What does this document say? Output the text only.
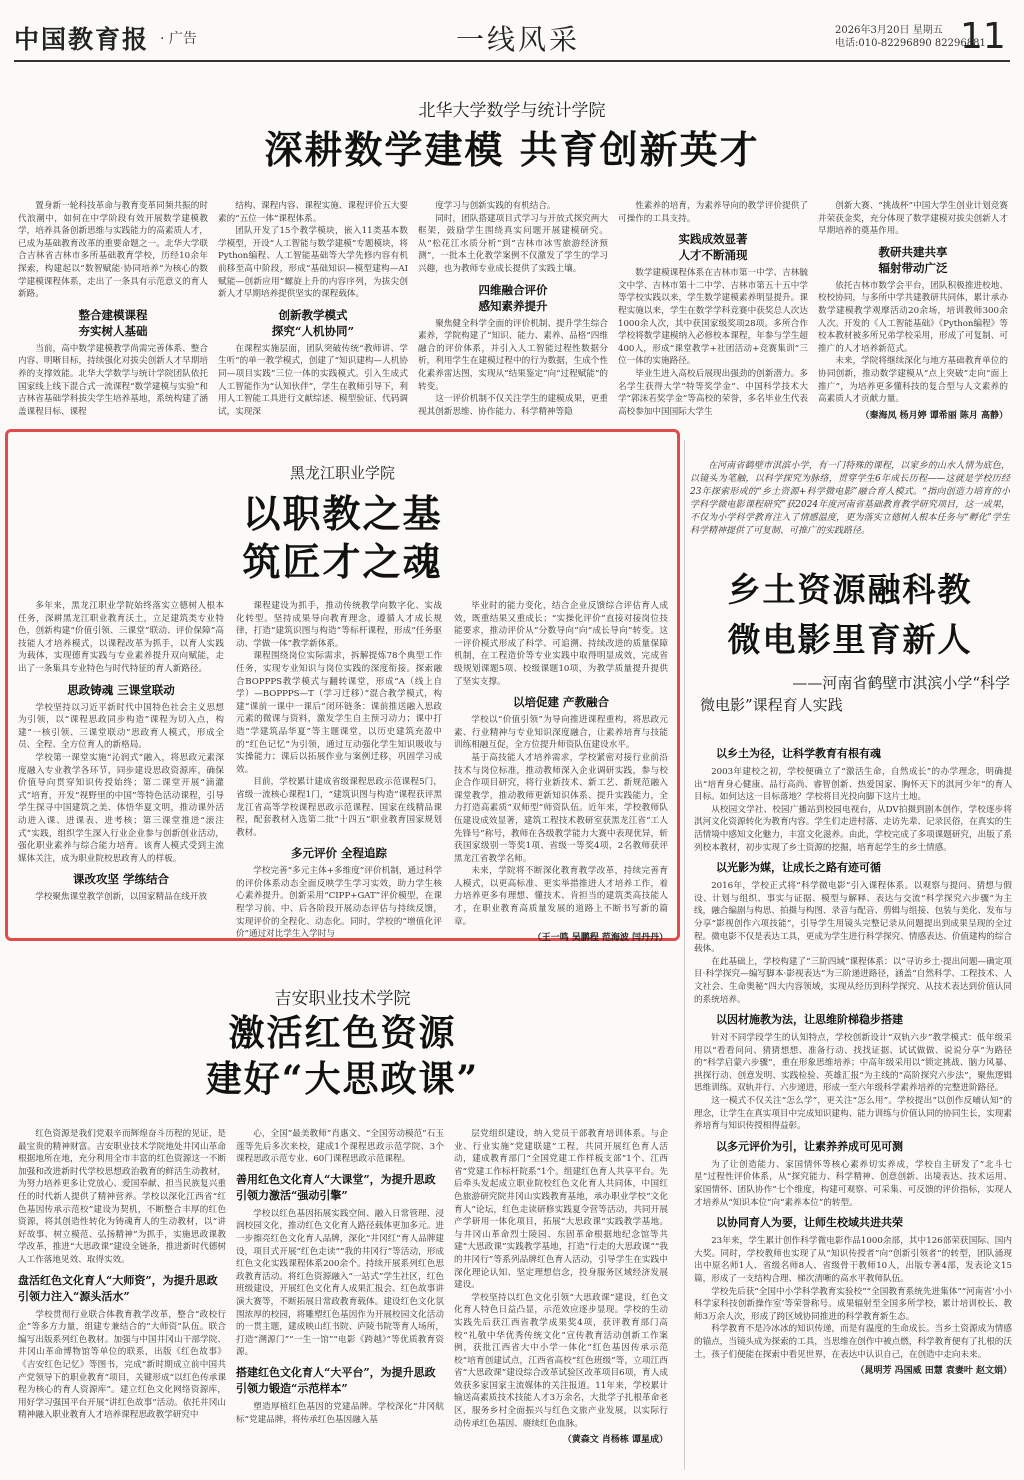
中国教育报 · 广告	一线风采	2026年3月20日 星期五
电话:010-82296890 82296881
11
北华大学数学与统计学院
深耕数学建模 共育创新英才

置身新一轮科技革命与教育变革同频共振的时代浪潮中，如何在中学阶段有效开展数学建模教学，培养具备创新思维与实践能力的高素质人才，已成为基础教育改革的重要命题之一。北华大学联合吉林省吉林市多所基础教育学校，历经10余年探索，构建起以“数智赋能·协同培养”为核心的数学建模课程体系，走出了一条具有示范意义的育人新路。

整合建模课程
夯实树人基础

当前，高中数学建模教学尚需完善体系、整合内容、明晰目标，持续强化对拔尖创新人才早期培养的支撑效能。北华大学数学与统计学院团队依托国家线上线下混合式一流课程“数学建模与实验”和吉林省基础学科拔尖学生培养基地，系统构建了涵盖课程目标、课程

结构、课程内容、课程实施、课程评价五大要素的“五位一体”课程体系。

团队开发了15个教学模块，嵌入11类基本数学模型，开设“人工智能与数学建模”专题模块，将Python编程、人工智能基础等大学先修内容有机前移至高中阶段，形成“基础知识—模型建构—AI赋能—创新应用”螺旋上升的内容序列，为拔尖创新人才早期培养提供坚实的课程载体。

创新教学模式
探究“人机协同”

在课程实施层面，团队突破传统“教师讲、学生听”的单一教学模式，创建了“知识建构—人机协同—项目实践”三位一体的实践模式。引入生成式人工智能作为“认知伙伴”，学生在教师引导下，利用人工智能工具进行文献综述、模型验证、代码调试，实现深

度学习与创新实践的有机结合。

同时，团队搭建项目式学习与开放式探究两大框架，鼓励学生围绕真实问题开展建模研究。从“松花江水质分析”到“吉林市冰雪旅游经济预测”，一批本土化教学案例不仅激发了学生的学习兴趣，也为教师专业成长提供了实践土壤。

四维融合评价
感知素养提升

聚焦健全科学全面的评价机制、提升学生综合素养，学院构建了“知识、能力、素养、品格”四维融合的评价体系，并引入人工智能过程性数据分析，利用学生在建模过程中的行为数据，生成个性化素养雷达图，实现从“结果鉴定”向“过程赋能”的转变。

这一评价机制不仅关注学生的建模成果，更重视其创新思维、协作能力、科学精神等隐

性素养的培育，为素养导向的教学评价提供了可操作的工具支持。

实践成效显著
人才不断涌现

数学建模课程体系在吉林市第一中学、吉林毓文中学、吉林市第十二中学、吉林市第五十五中学等学校实践以来，学生数学建模素养明显提升。课程实施以来，学生在数学学科竞赛中获奖总人次达1000余人次，其中获国家级奖项28项。多所合作学校将数学建模纳入必修校本课程，年参与学生超400人，形成“课堂教学+社团活动+竞赛集训”三位一体的实施路径。

毕业生进入高校后展现出强劲的创新潜力。多名学生获得大学“特等奖学金”、中国科学技术大学“郭沫若奖学金”等高校的荣誉，多名毕业生代表高校参加中国国际大学生

创新大赛、“挑战杯”中国大学生创业计划竞赛并荣获金奖，充分体现了数学建模对拔尖创新人才早期培养的奠基作用。

教研共建共享
辐射带动广泛

依托吉林市数学会平台，团队积极推进校地、校校协同，与多所中学共建教研共同体，累计承办数学建模教学观摩活动20余场，培训教师300余人次。开发的《人工智能基础》《Python编程》等校本教材被多所兄弟学校采用，形成了可复制、可推广的人才培养新范式。

未来，学院将继续深化与地方基础教育单位的协同创新，推动数学建模从“点上突破”走向“面上推广”，为培养更多懂科技的复合型与人文素养的高素质人才贡献力量。

（秦海凤 杨月婷 谭希丽 陈月 高静）
黑龙江职业学院
以职教之基
筑匠才之魂

多年来，黑龙江职业学院始终落实立德树人根本任务，深耕黑龙江职业教育沃土，立足建筑类专业特色，创新构建“价值引领、三课堂”联动、评价保障”高技能人才培养模式，以课程改革为抓手，以育人实践为载体，实现德育实践与专业素养提升双向赋能，走出了一条集具专业特色与时代特征的育人新路径。

思政铸魂 三课堂联动

学校坚持以习近平新时代中国特色社会主义思想为引领，以“课程思政同步构造”课程为切入点，构建“一核引领、三课堂联动”思政育人模式，形成全员、全程、全方位育人的新格局。

学校第一课堂实施“沁润式”融入，将思政元素深度融入专业教学各环节，同步建设思政资源库，确保价值导向贯穿知识传授始终；第二课堂开展“滴灌式”培育，开发“视野里的中国”等特色活动课程，引导学生探寻中国建筑之美、体悟华夏文明，推动课外活动进入课、进课表、进考核；第三课堂推进“滚注式”实践，组织学生深入行业企业参与创新创业活动，强化职业素养与综合能力培育。该育人模式受到主流媒体关注，成为职业院校思政育人的样板。

课改攻坚 学练结合

学校聚焦课堂教学创新，以国家精品在线开放

课程建设为抓手，推动传统教学向数字化、实战化转型。坚持成果导向教育理念，遵循人才成长规律，打造“建筑识图与构造”等标杆课程，形成“任务驱动、学做一体”教学新体系。

课程围绕岗位实际需求，拆解提炼78个典型工作任务，实现专业知识与岗位实践的深度衔接。探索融合BOPPPS教学模式与翻转课堂，形成“A（线上自学）—BOPPPS—T（学习迁移）”混合教学模式，构建“课前一课中一课后”闭环链条：课前推送融入思政元素的微课与资料，激发学生自主预习动力；课中打造“学建筑品华夏”等主题课堂，以历史建筑充盈中的“红色记忆”为引领，通过互动强化学生知识吸收与实操能力；课后以拓展作业与案例迁移，巩固学习成效。

目前，学校累计建成省级课程思政示范课程5门，省级一流核心课程1门，“建筑识图与构造”课程获评黑龙江省高等学校课程思政示范课程、国家在线精品课程，配套教材入选第二批“十四五”职业教育国家规划教材。

多元评价 全程追踪

学校完善“多元主体+多维度”评价机制，通过科学的评价体系动态全面反映学生学习实效，助力学生核心素养提升。创新采用“CIPP+GAT”评价模型，在课程学习前、中、后各阶段开展动态评估与持续反馈，实现评价的全程化、动态化。同时，学校的“增值化评价”通过对比学生入学时与

毕业时的能力变化，结合企业反馈综合评估育人成效，既重结果又重成长；“实操化评价”直接对接岗位技能要求，推动评价从“分数导向”向“成长导向”转变。这一评价模式形成了科学、可追溯、持续改进的质量保障机制，在工程造价等专业实践中取得明显成效，完成省级规划课题5项、校级课题10项，为教学质量提升提供了坚实支撑。

以培促建 产教融合

学校以“价值引领”为导向推进课程重构，将思政元素、行业精神与专业知识深度融合，让素养培育与技能训练相融互促，全方位提升师资队伍建设水平。

基于高技能人才培养需求，学校紧密对接行业前沿技术与岗位标准，推动教师深入企业调研实践，参与校企合作项目研究，将行业新技术、新工艺、新规范融入课堂教学，推动教师更新知识体系、提升实践能力，全力打造高素质“双师型”师资队伍。近年来，学校教师队伍建设成效显著，建筑工程技术教研室获黑龙江省“工人先锋号”称号，教师在各级教学能力大赛中表现优异，斩获国家级别一等奖1项、省级一等奖4项，2名教师获评黑龙江省教学名师。

未来，学院将不断深化教育教学改革，持续完善育人模式，以更高标准、更实举措推进人才培养工作，着力培养更多有理想、懂技术、肯担当的建筑类高技能人才，在职业教育高质量发展的道路上不断书写新的篇章。

（王一鸣 吴鹏程 范海波 闫丹丹）
在河南省鹤壁市淇滨小学，有一门特殊的课程，以家乡的山水人情为底色，以镜头为笔触，以科学探究为脉络，贯穿学生6年成长历程——这就是学校历经23年探索形成的“乡土资源+科学微电影”融合育人模式。“指向创造力培育的小学科学微电影课程研究”获2024年度河南省基础教育教学研究项目，这一成果，不仅为小学科学教育注入了情感温度，更为落实立德树人根本任务与“孵化”学生科学精神提供了可复制、可推广的实践路径。
乡土资源融科教
微电影里育新人
——河南省鹤壁市淇滨小学“科学
微电影”课程育人实践
以乡土为径，让科学教育有根有魂

2003年建校之初，学校便确立了“激活生命，自然成长”的办学理念，明确提出“培育身心健康、品行高尚、睿智创新、热爱国家、胸怀天下的淇河少年”的育人目标。如何达这一目标落地？学校将目光投向脚下这片土地。

从校园文学社、校园广播站到校园电视台，从DV拍摄到剧本创作，学校逐步将淇河文化资源转化为教育内容。学生们走进村落、走访先辈、记录民俗，在真实的生活情境中感知文化魅力，丰富文化滋养。由此，学校完成了多项课题研究，出版了系列校本教材，初步实现了乡土资源的挖掘，培育起学生的乡土情感。

以光影为媒，让成长之路有迹可循

2016年，学校正式将“科学微电影”引入课程体系。以观察与提问、猜想与假设、计划与组织、事实与证据、模型与解释、表达与交流“科学探究六步骤”为主线，融合编剧与构思、拍摄与构图、录音与配音、剪辑与组接、包装与美化、发布与分享“影视创作六项技能”，引导学生用镜头完整记录从问题提出到成果呈现的全过程。微电影不仅是表达工具，更成为学生进行科学探究、情感表达、价值建构的综合载体。

在此基础上，学校构建了“三阶四域”课程体系：以“寻访乡土·提出问题—确定项目·科学探究—编写脚本·影视表达”为三阶递进路径，涵盖“自然科学、工程技术、人文社会、生命奥秘”四大内容领域，实现从经历到科学探究、从技术表达到价值认同的系统培养。

以因材施教为法，让思维阶梯稳步搭建

针对不同学段学生的认知特点，学校创新设计“双轨六步”教学模式：低年级采用以“看看问问、猜猜想想、准备行动、找找证据、试试做做、说说分享”为路径的“科学启蒙六步骤”，重在形象思维培养；中高年级采用以“锁定挑战、脑力风暴、拱探行动、创意发明、实践检验、英雄汇报”为主线的“高阶探究六步法”，聚焦逻辑思维训练。双轨并行、六步递进，形成一至六年级科学素养培养的完整进阶路径。

这一模式不仅关注“怎么学”，更关注“怎么用”。学校提出“以创作反哺认知”的理念，让学生在真实项目中完成知识建构、能力训练与价值认同的协同生长，实现素养培育与知识传授相得益彰。

以多元评价为引，让素养养成可见可测

为了让创造能力、家国情怀等核心素养切实养成，学校自主研发了“北斗七星”过程性评价体系，从“探究能力、科学精神、创意创新、出境表达、技术运用、家国情怀、团队协作”七个维度，构建可观察、可采集、可反馈的评价指标，实现人才培养从“知识本位”向“素养本位”的转型。

以协同育人为要，让师生校域共进共荣

23年来，学生累计创作科学微电影作品1000余部，其中126部荣获国际、国内大奖。同时，学校教师也实现了从“知识传授者”向“创新引领者”的转型，团队涌现出中原名师1人、省级名师8人、省级骨干教师10人，出版专著4部，发表论文15篇，形成了一支结构合理、梯次清晰的高水平教师队伍。

学校先后获“全国中小学科学教育实验校”“全国教育系统先进集体”“河南省‘小小科学家科技创新操作室’等荣誉称号。成果辐射至全国多所学校，累计培训校长、教师3万余人次，形成了跨区域协同推进的科学教育新生态。

科学教育不是冷冰冰的知识传递，而是有温度的生命成长。当乡土资源成为情感的锚点，当镜头成为探索的工具，当思维在创作中被点燃，科学教育便有了扎根的沃土，孩子们便能在探索中看见世界，在表达中认识自己，在创造中走向未来。

（晁明芳 冯国威 田慧 袁妻叶 赵文娟）
吉安职业技术学院
激活红色资源
建好“大思政课”

红色资源是我们党艰辛而辉煌奋斗历程的见证，是最宝贵的精神财富。吉安职业技术学院地处井冈山革命根据地所在地，充分利用全市丰富的红色资源这一不断加强和改进新时代学校思想政治教育的鲜活生动教材，为努力培养更多让党放心、爱国奉献、担当民族复兴重任的时代新人提供了精神营养。学校以深化江西省“红色基因传承示范校”建设为契机，不断整合丰厚的红色资源，将其创造性转化为铸魂育人的生动教材，以“讲好故事、树立模范、弘扬精神”为抓手，实施思政课教学改革，推进“大思政课”建设全链条，推进新时代德树人工作落地见效、取得实效。

盘活红色文化育人“大师资”，为提升思政引领力注入“源头活水”

学校贯彻行业联合体教育教学改革，整合“政校行企”等多方力量，组建专兼结合的“大师资”队伍。联合编写出版系列红色教材。加强与中国井冈山干部学院、井冈山革命博物馆等单位的联系，出版《红色故事》《吉安红色记忆》等图书，完成“新时期成立前中国共产党领导下的职业教育”项目，关键形成“以红色传承课程为核心的育人资源库”。建立红色文化网络资源库，用好学习强国平台开展“讲红色故事”活动。依托井冈山精神融入职业教育人才培养课程思政教学研究中

心，全国“最美教师”肖惠文、“全国劳动模范”石玉莲等先后多次来校，建成1个课程思政示范学院、3个课程思政示范专业、60门课程思政示范课程。

善用红色文化育人“大课堂”，为提升思政引领力激活“强动引擎”

学校以红色基因拓展实践空间、融入日常管理、浸润校园文化，推动红色文化育人路径载体更加多元。进一步擦亮红色文化育人品牌，深化“井冈红”育人品牌建设，项目式开展“红色走读”“我的井冈行”等活动，形成红色文化实践课程体系200余个。持续开展系列红色思政教育活动。将红色资源融入“一站式”学生社区，红色班级建设，开展红色文化育人成果汇报会、红色故事讲演大赛等，不断拓展日常政教育载体。建设红色文化氛围浓厚的校园，将雕塑红色基因作为开展校园文化活动的一贯主题，建成映山红书院、庐陵书院等育人场所，打造“溯源门”“一生一馆”“电影《跨越》”等优质教育资源。

搭建红色文化育人“大平台”，为提升思政引领力锻造“示范样本”

塑造厚植红色基因的党建品牌。学校深化“井冈航标”党建品牌，将传承红色基因融入基

层党组织建设，纳入党员干部教育培训体系。与企业、行业实施“党建联建”工程，共同开展红色育人活动，建成教育部门“全国党建工作样板支部”1个、江西省“党建工作标杆院系”1个。组建红色育人共享平台。先后牵头发起成立职业院校红色文化育人共同体，中国红色旅游研究院井冈山实践教育基地，承办职业学校“文化育人”论坛，红色走读研修实践夏令营等活动，共同开展产学研用一体化项目，拓展“大思政课”实践教学基地。与井冈山革命烈士陵园、东固革命根据地纪念馆等共建“大思政课”实践教学基地，打造“行走的大思政课”“我的井冈行”等系列品牌红色育人活动，引导学生在实践中深化理论认知、坚定理想信念，投身服务区域经济发展建设。

学校坚持以红色文化引领“大思政课”建设，红色文化育人特色日益凸显，示范效应逐步显现。学校的生动实践先后获江西省教学成果奖4项，获评教育部门高校“礼敬中华优秀传统文化”宣传教育活动创新工作案例，获批江西省大中小学一体化“红色基因传承示范校”培育创建试点，江西省高校“红色班级”等，立项江西省“大思政课”建设综合改革试验区改革项目6项，育人成效获多家国家主流媒体的关注报道。11年来，学校累计输送高素质技术技能人才3万余名，大批学子扎根革命老区，服务乡村全面振兴与红色文旅产业发展，以实际行动传承红色基因、赓续红色血脉。

（黄森文 肖杨栋 谭星成）
